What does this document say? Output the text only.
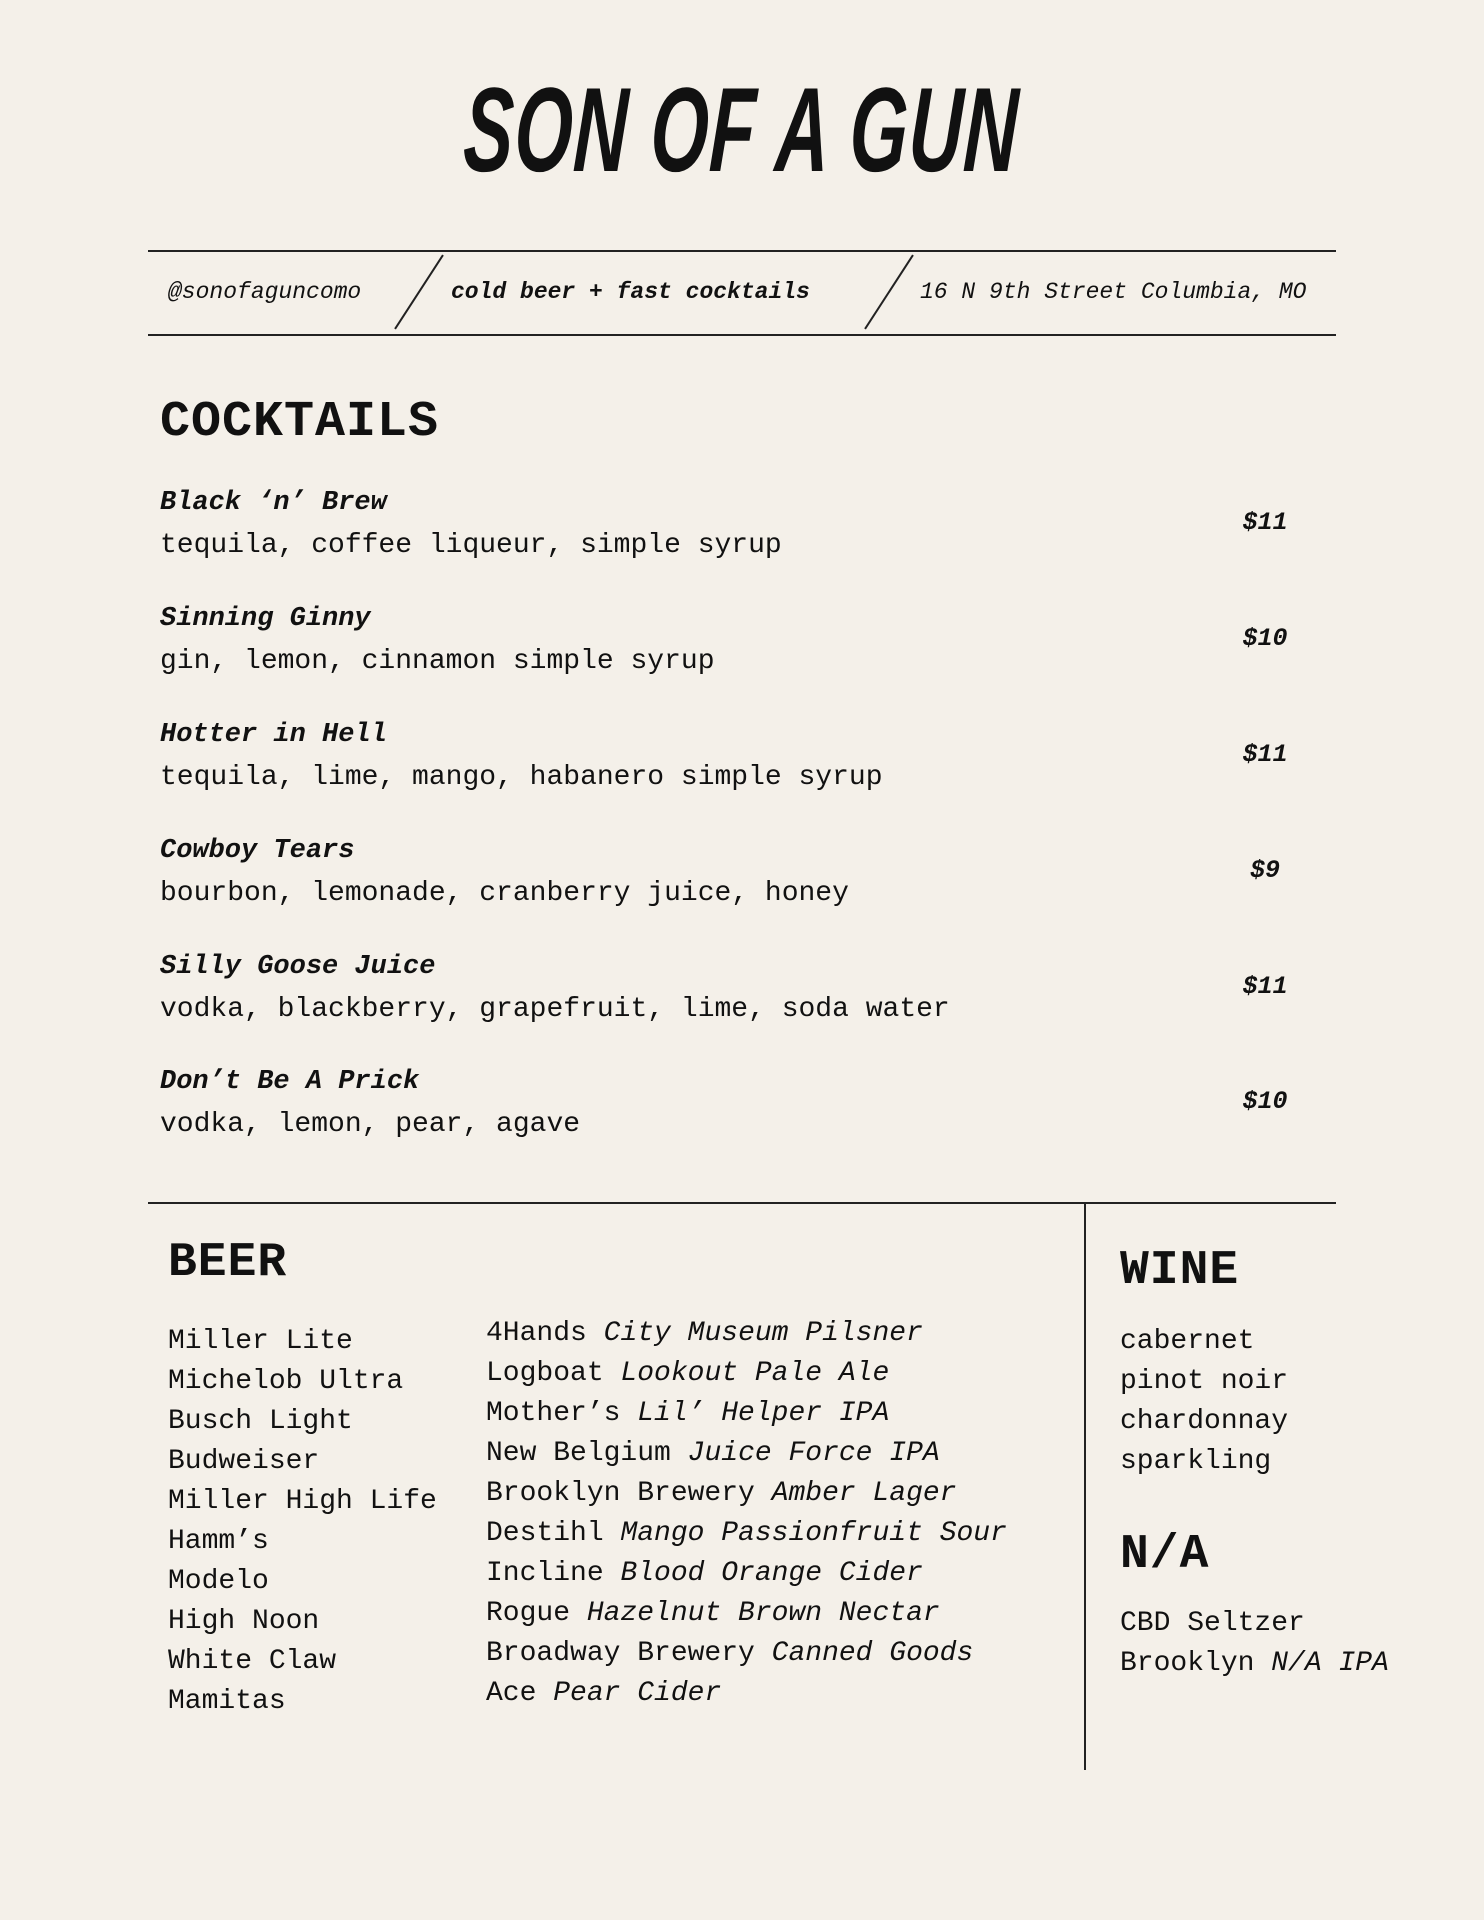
SON OF A GUN
@sonofaguncomo	cold beer + fast cocktails	16 N 9th Street Columbia, MO
COCKTAILS
Black ‘n’ Brew
tequila, coffee liqueur, simple syrup
$11
Sinning Ginny
gin, lemon, cinnamon simple syrup
$10
Hotter in Hell
tequila, lime, mango, habanero simple syrup
$11
Cowboy Tears
bourbon, lemonade, cranberry juice, honey
$9
Silly Goose Juice
vodka, blackberry, grapefruit, lime, soda water
$11
Don’t Be A Prick
vodka, lemon, pear, agave
$10
BEER
Miller Lite
Michelob Ultra
Busch Light
Budweiser
Miller High Life
Hamm’s
Modelo
High Noon
White Claw
Mamitas
4Hands City Museum Pilsner
Logboat Lookout Pale Ale
Mother’s Lil’ Helper IPA
New Belgium Juice Force IPA
Brooklyn Brewery Amber Lager
Destihl Mango Passionfruit Sour
Incline Blood Orange Cider
Rogue Hazelnut Brown Nectar
Broadway Brewery Canned Goods
Ace Pear Cider
WINE
cabernet
pinot noir
chardonnay
sparkling
N/A
CBD Seltzer
Brooklyn N/A IPA
